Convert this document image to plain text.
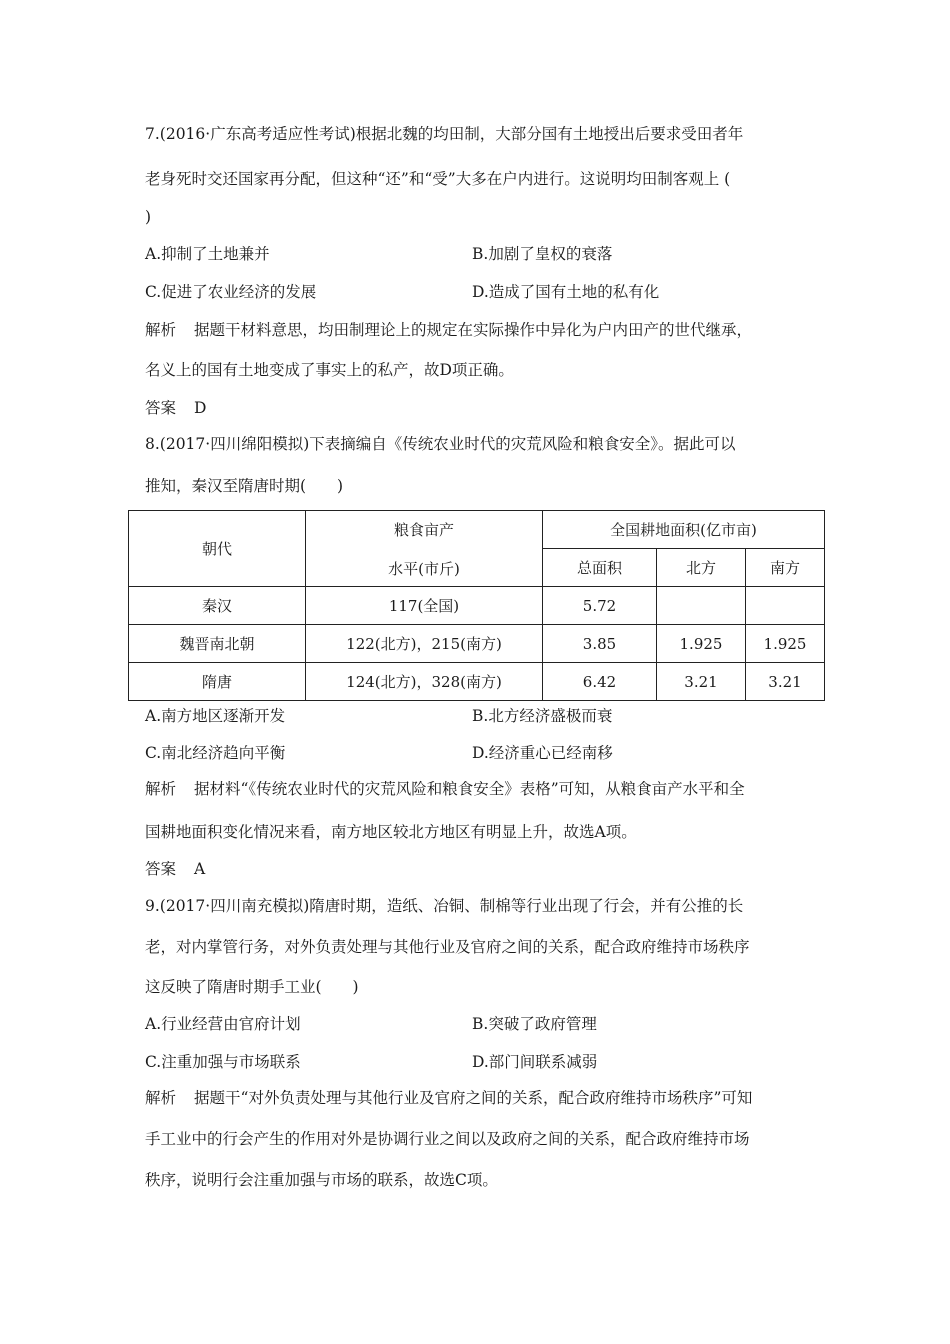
7.(2016·广东高考适应性考试)根据北魏的均田制，大部分国有土地授出后要求受田者年
老身死时交还国家再分配，但这种“还”和“受”大多在户内进行。这说明均田制客观上 (
)
A.抑制了土地兼并	B.加剧了皇权的衰落
C.促进了农业经济的发展	D.造成了国有土地的私有化
解析 据题干材料意思，均田制理论上的规定在实际操作中异化为户内田产的世代继承，
名义上的国有土地变成了事实上的私产，故D项正确。
答案 D
8.(2017·四川绵阳模拟)下表摘编自《传统农业时代的灾荒风险和粮食安全》。据此可以
推知，秦汉至隋唐时期(　　)
朝代	粮食亩产
水平(市斤)	全国耕地面积(亿市亩)		
		总面积	北方	南方
秦汉	117(全国)	5.72		
魏晋南北朝	122(北方)，215(南方)	3.85	1.925	1.925
隋唐	124(北方)，328(南方)	6.42	3.21	3.21
A.南方地区逐渐开发	B.北方经济盛极而衰
C.南北经济趋向平衡	D.经济重心已经南移
解析 据材料“《传统农业时代的灾荒风险和粮食安全》表格”可知，从粮食亩产水平和全
国耕地面积变化情况来看，南方地区较北方地区有明显上升，故选A项。
答案 A
9.(2017·四川南充模拟)隋唐时期，造纸、冶铜、制棉等行业出现了行会，并有公推的长
老，对内掌管行务，对外负责处理与其他行业及官府之间的关系，配合政府维持市场秩序
这反映了隋唐时期手工业(　　)
A.行业经营由官府计划	B.突破了政府管理
C.注重加强与市场联系	D.部门间联系减弱
解析 据题干“对外负责处理与其他行业及官府之间的关系，配合政府维持市场秩序”可知
手工业中的行会产生的作用对外是协调行业之间以及政府之间的关系，配合政府维持市场
秩序，说明行会注重加强与市场的联系，故选C项。
